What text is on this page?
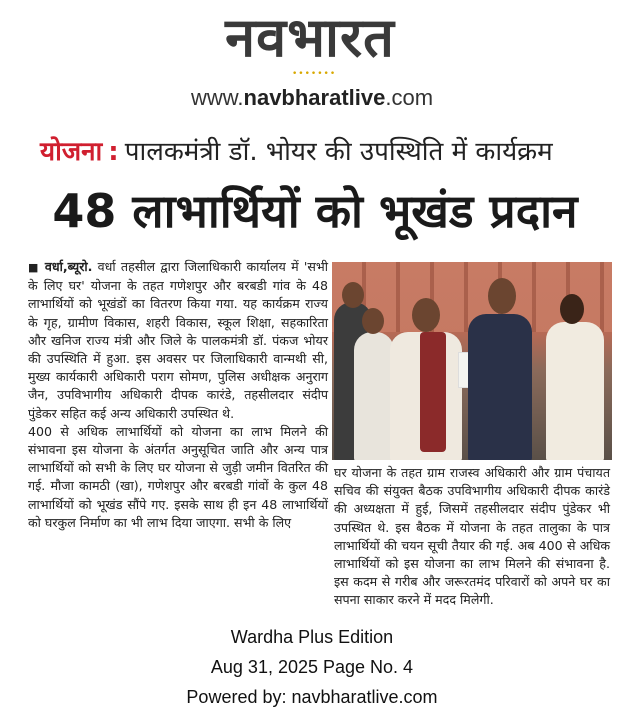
नवभारत
•••••••
www.navbharatlive.com
योजना : पालकमंत्री डॉ. भोयर की उपस्थिति में कार्यक्रम
48 लाभार्थियों को भूखंड प्रदान
■ वर्धा,ब्यूरो. वर्धा तहसील द्वारा जिलाधिकारी कार्यालय में 'सभी के लिए घर' योजना के तहत गणेशपुर और बरबडी गांव के 48 लाभार्थियों को भूखंडों का वितरण किया गया. यह कार्यक्रम राज्य के गृह, ग्रामीण विकास, शहरी विकास, स्कूल शिक्षा, सहकारिता और खनिज राज्य मंत्री और जिले के पालकमंत्री डॉ. पंकज भोयर की उपस्थिति में हुआ. इस अवसर पर जिलाधिकारी वान्मथी सी, मुख्य कार्यकारी अधिकारी पराग सोमण, पुलिस अधीक्षक अनुराग जैन, उपविभागीय अधिकारी दीपक कारंडे, तहसीलदार संदीप पुंडेकर सहित कई अन्य अधिकारी उपस्थित थे.
400 से अधिक लाभार्थियों को योजना का लाभ मिलने की संभावना इस योजना के अंतर्गत अनुसूचित जाति और अन्य पात्र लाभार्थियों को सभी के लिए घर योजना से जुड़ी जमीन वितरित की गई. मौजा कामठी (खा), गणेशपुर और बरबडी गांवों के कुल 48 लाभार्थियों को भूखंड सौंपे गए. इसके साथ ही इन 48 लाभार्थियों को घरकुल निर्माण का भी लाभ दिया जाएगा. सभी के लिए
घर योजना के तहत ग्राम राजस्व अधिकारी और ग्राम पंचायत सचिव की संयुक्त बैठक उपविभागीय अधिकारी दीपक कारंडे की अध्यक्षता में हुई, जिसमें तहसीलदार संदीप पुंडेकर भी उपस्थित थे. इस बैठक में योजना के तहत तालुका के पात्र लाभार्थियों की चयन सूची तैयार की गई. अब 400 से अधिक लाभार्थियों को इस योजना का लाभ मिलने की संभावना है. इस कदम से गरीब और जरूरतमंद परिवारों को अपने घर का सपना साकार करने में मदद मिलेगी.
Wardha Plus Edition
Aug 31, 2025 Page No. 4
Powered by: navbharatlive.com
